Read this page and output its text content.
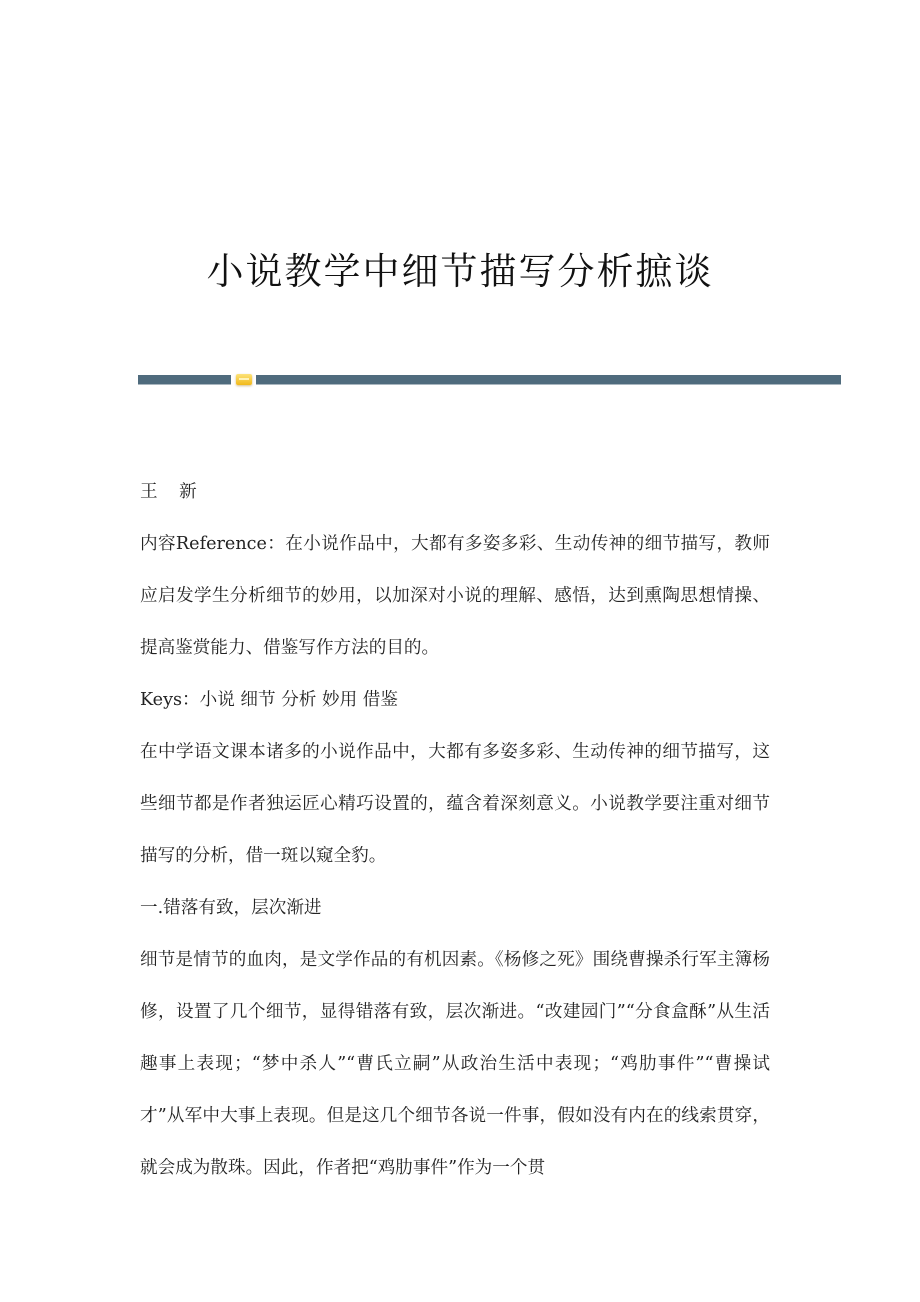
小说教学中细节描写分析摭谈

王 新

内容Reference：在小说作品中，大都有多姿多彩、生动传神的细节描写，教师应启发学生分析细节的妙用，以加深对小说的理解、感悟，达到熏陶思想情操、提高鉴赏能力、借鉴写作方法的目的。

Keys：小说 细节 分析 妙用 借鉴

在中学语文课本诸多的小说作品中，大都有多姿多彩、生动传神的细节描写，这些细节都是作者独运匠心精巧设置的，蕴含着深刻意义。小说教学要注重对细节描写的分析，借一斑以窥全豹。

一.错落有致，层次渐进

细节是情节的血肉，是文学作品的有机因素。《杨修之死》围绕曹操杀行军主簿杨修，设置了几个细节，显得错落有致，层次渐进。“改建园门”“分食盒酥”从生活趣事上表现；“梦中杀人”“曹氏立嗣”从政治生活中表现；“鸡肋事件”“曹操试才”从军中大事上表现。但是这几个细节各说一件事，假如没有内在的线索贯穿，就会成为散珠。因此，作者把“鸡肋事件”作为一个贯
